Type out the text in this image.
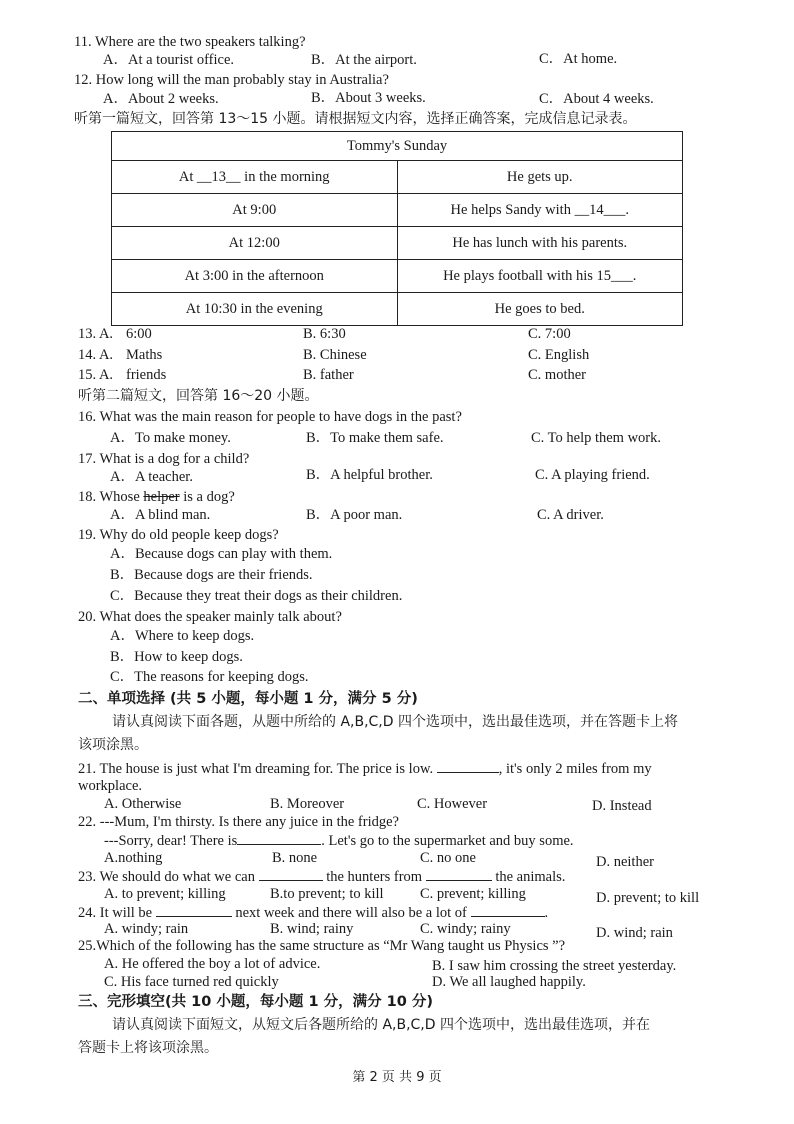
11. Where are the two speakers talking?
A．At a tourist office.	B．At the airport.	C．At home.
12. How long will the man probably stay in Australia?
A．About 2 weeks.	B．About 3 weeks.	C．About 4 weeks.
听第一篇短文，回答第 13～15 小题。请根据短文内容，选择正确答案，完成信息记录表。
Tommy's Sunday	
At __13__ in the morning	He gets up.
At 9:00	He helps Sandy with __14___.
At 12:00	He has lunch with his parents.
At 3:00 in the afternoon	He plays football with his 15___.
At 10:30 in the evening	He goes to bed.
13. A. 6:00	B. 6:30	C. 7:00
14. A. Maths	B. Chinese	C. English
15. A. friends	B. father	C. mother
听第二篇短文，回答第 16～20 小题。
16. What was the main reason for people to have dogs in the past?
A．To make money.	B．To make them safe.	C. To help them work.
17. What is a dog for a child?
A．A teacher.	B．A helpful brother.	C. A playing friend.
18. Whose helper is a dog?
A．A blind man.	B．A poor man.	C. A driver.
19. Why do old people keep dogs?
A．Because dogs can play with them.
B．Because dogs are their friends.
C．Because they treat their dogs as their children.
20. What does the speaker mainly talk about?
A．Where to keep dogs.
B．How to keep dogs.
C．The reasons for keeping dogs.
二、单项选择 (共 5 小题，每小题 1 分，满分 5 分)
请认真阅读下面各题，从题中所给的 A,B,C,D 四个选项中，选出最佳选项，并在答题卡上将
该项涂黑。
21. The house is just what I'm dreaming for. The price is low.	, it's only 2 miles from my
workplace.
A. Otherwise	B. Moreover	C. However	D. Instead
22. ---Mum, I'm thirsty. Is there any juice in the fridge?
---Sorry, dear! There is	. Let's go to the supermarket and buy some.
A.nothing	B. none	C. no one	D. neither
23. We should do what we can	the hunters from	the animals.
A. to prevent; killing	B.to prevent; to kill	C. prevent; killing	D. prevent; to kill
24. It will be	next week and there will also be a lot of	.
A. windy; rain	B. wind; rainy	C. windy; rainy	D. wind; rain
25.Which of the following has the same structure as “Mr Wang taught us Physics ”?
A. He offered the boy a lot of advice.	B. I saw him crossing the street yesterday.
C. His face turned red quickly	D. We all laughed happily.
三、完形填空(共 10 小题，每小题 1 分，满分 10 分)
请认真阅读下面短文，从短文后各题所给的 A,B,C,D 四个选项中，选出最佳选项，并在
答题卡上将该项涂黑。
第 2 页 共 9 页
